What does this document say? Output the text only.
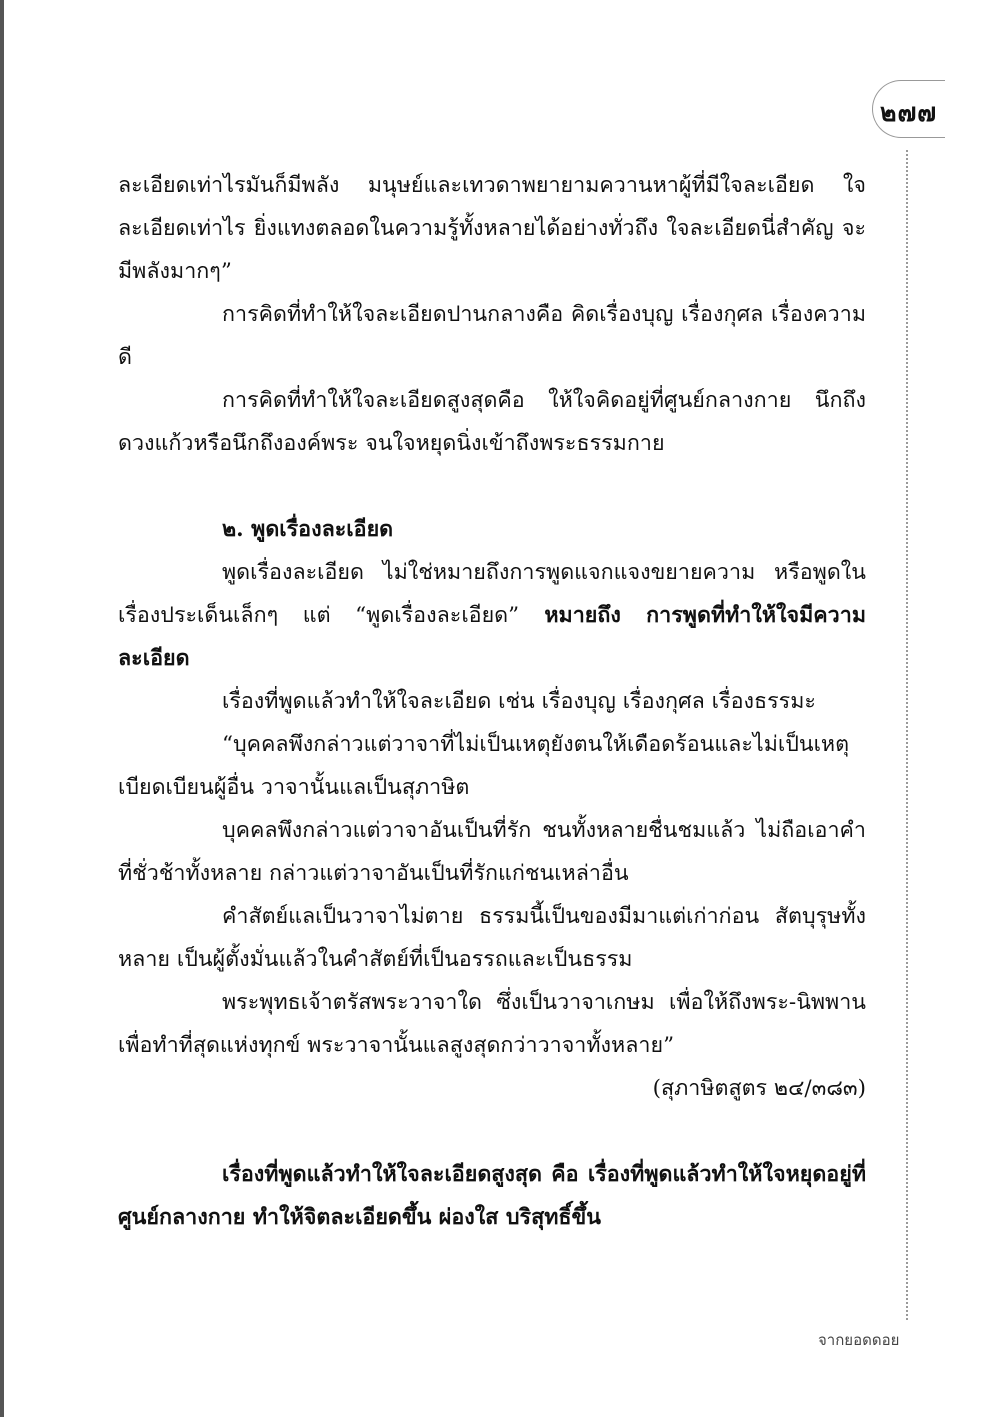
๒๗๗

ละเอียดเท่าไรมันก็มีพลัง มนุษย์และเทวดาพยายามควานหาผู้ที่มีใจละเอียด ใจละเอียดเท่าไร ยิ่งแทงตลอดในความรู้ทั้งหลายได้อย่างทั่วถึง ใจละเอียดนี่สำคัญ จะมีพลังมากๆ”

การคิดที่ทำให้ใจละเอียดปานกลางคือ คิดเรื่องบุญ เรื่องกุศล เรื่องความดี

การคิดที่ทำให้ใจละเอียดสูงสุดคือ ให้ใจคิดอยู่ที่ศูนย์กลางกาย นึกถึงดวงแก้วหรือนึกถึงองค์พระ จนใจหยุดนิ่งเข้าถึงพระธรรมกาย

๒. พูดเรื่องละเอียด

พูดเรื่องละเอียด ไม่ใช่หมายถึงการพูดแจกแจงขยายความ หรือพูดในเรื่องประเด็นเล็กๆ แต่ “พูดเรื่องละเอียด” หมายถึง การพูดที่ทำให้ใจมีความละเอียด

เรื่องที่พูดแล้วทำให้ใจละเอียด เช่น เรื่องบุญ เรื่องกุศล เรื่องธรรมะ

“บุคคลพึงกล่าวแต่วาจาที่ไม่เป็นเหตุยังตนให้เดือดร้อนและไม่เป็นเหตุเบียดเบียนผู้อื่น วาจานั้นแลเป็นสุภาษิต

บุคคลพึงกล่าวแต่วาจาอันเป็นที่รัก ชนทั้งหลายชื่นชมแล้ว ไม่ถือเอาคำที่ชั่วช้าทั้งหลาย กล่าวแต่วาจาอันเป็นที่รักแก่ชนเหล่าอื่น

คำสัตย์แลเป็นวาจาไม่ตาย ธรรมนี้เป็นของมีมาแต่เก่าก่อน สัตบุรุษทั้งหลาย เป็นผู้ตั้งมั่นแล้วในคำสัตย์ที่เป็นอรรถและเป็นธรรม

พระพุทธเจ้าตรัสพระวาจาใด ซึ่งเป็นวาจาเกษม เพื่อให้ถึงพระ-นิพพาน เพื่อทำที่สุดแห่งทุกข์ พระวาจานั้นแลสูงสุดกว่าวาจาทั้งหลาย”

(สุภาษิตสูตร ๒๔/๓๘๓)

เรื่องที่พูดแล้วทำให้ใจละเอียดสูงสุด คือ เรื่องที่พูดแล้วทำให้ใจหยุดอยู่ที่ศูนย์กลางกาย ทำให้จิตละเอียดขึ้น ผ่องใส บริสุทธิ์ขึ้น

จากยอดดอย
